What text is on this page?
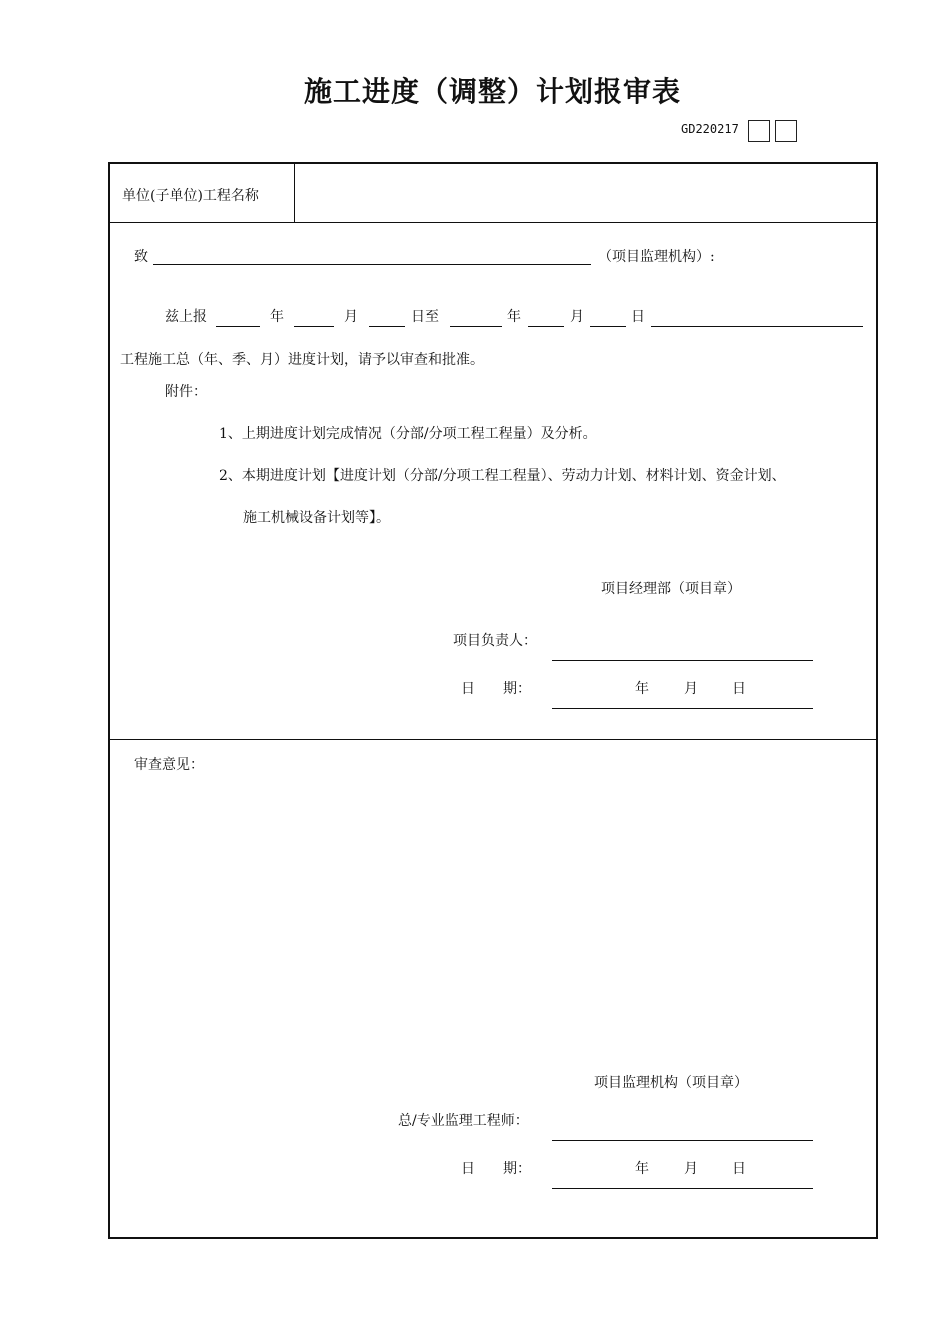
施工进度（调整）计划报审表
GD220217
单位(子单位)工程名称
致	（项目监理机构）:
兹上报	年	月	日至	年	月	日
工程施工总（年、季、月）进度计划，请予以审查和批准。
附件：
1、上期进度计划完成情况（分部/分项工程工程量）及分析。
2、本期进度计划【进度计划（分部/分项工程工程量）、劳动力计划、材料计划、资金计划、
施工机械设备计划等】。
项目经理部（项目章）
项目负责人：
日　　期：	年	月 日
审查意见：
项目监理机构（项目章）
总/专业监理工程师：
日　　期：	年	月 日
